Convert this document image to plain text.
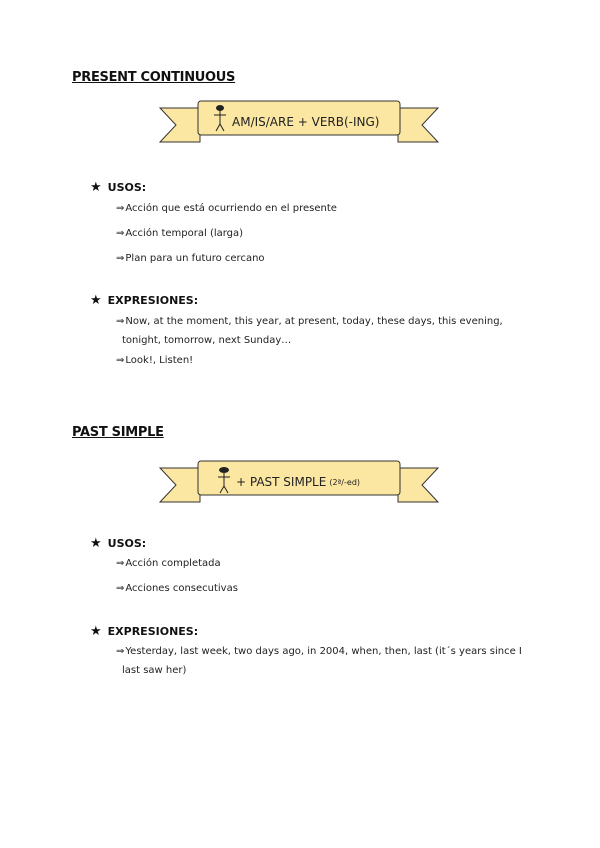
PRESENT CONTINUOUS
AM/IS/ARE + VERB(-ING)
★ USOS:
⇒Acción que está ocurriendo en el presente
⇒Acción temporal (larga)
⇒Plan para un futuro cercano
★ EXPRESIONES:
⇒Now, at the moment, this year, at present, today, these days, this evening,
tonight, tomorrow, next Sunday…
⇒Look!, Listen!
PAST SIMPLE
+ PAST SIMPLE (2ª/-ed)
★ USOS:
⇒Acción completada
⇒Acciones consecutivas
★ EXPRESIONES:
⇒Yesterday, last week, two days ago, in 2004, when, then, last (it´s years since I
last saw her)
